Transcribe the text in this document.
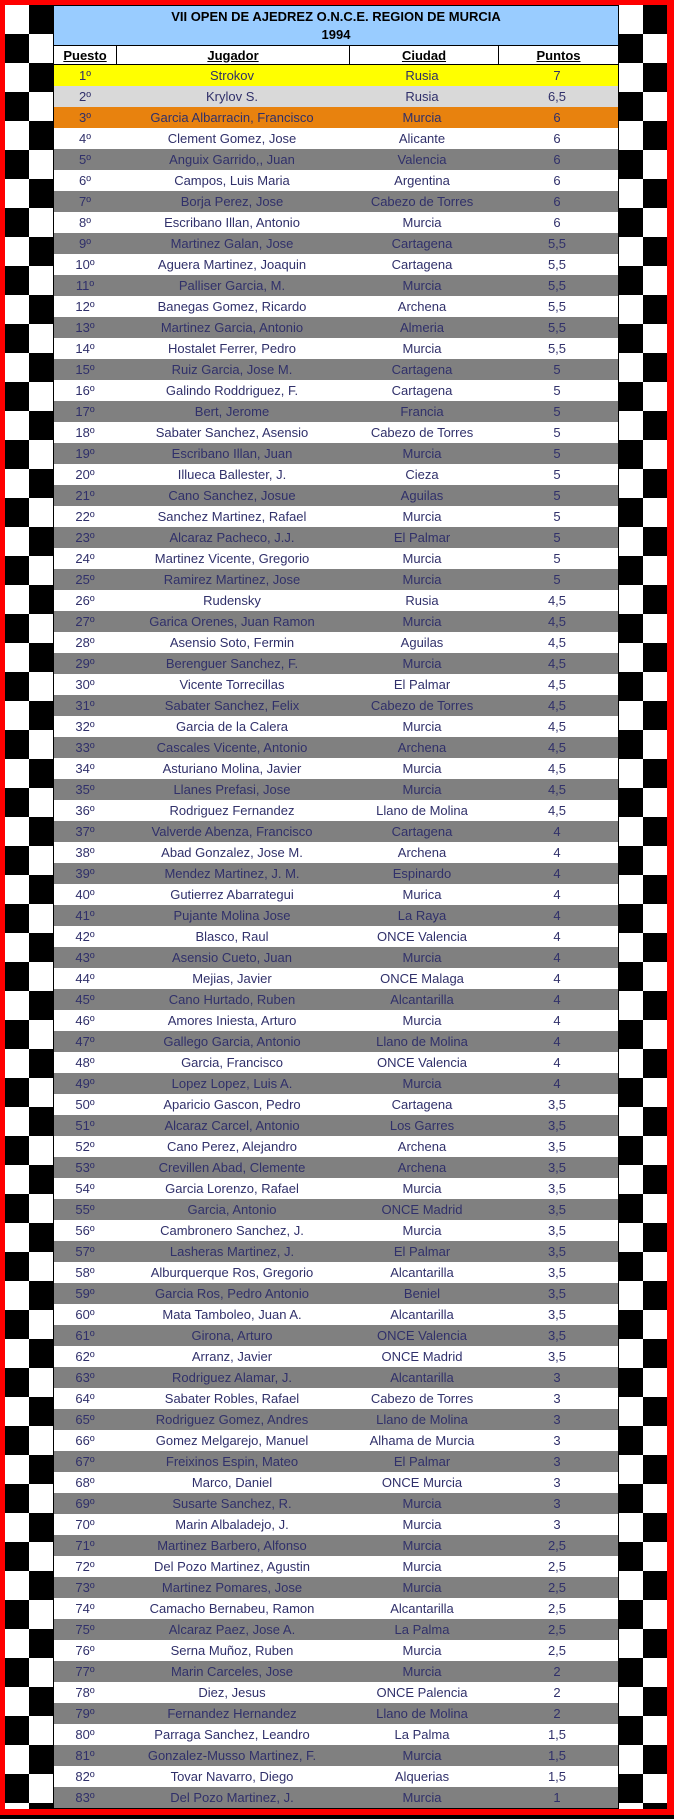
VII OPEN DE AJEDREZ O.N.C.E. REGION DE MURCIA
1994
Puesto	Jugador	Ciudad	Puntos
1º	Strokov	Rusia	7
2º	Krylov S.	Rusia	6,5
3º	Garcia Albarracin, Francisco	Murcia	6
4º	Clement Gomez, Jose	Alicante	6
5º	Anguix Garrido,, Juan	Valencia	6
6º	Campos, Luis Maria	Argentina	6
7º	Borja Perez, Jose	Cabezo de Torres	6
8º	Escribano Illan, Antonio	Murcia	6
9º	Martinez Galan, Jose	Cartagena	5,5
10º	Aguera Martinez, Joaquin	Cartagena	5,5
11º	Palliser Garcia, M.	Murcia	5,5
12º	Banegas Gomez, Ricardo	Archena	5,5
13º	Martinez Garcia, Antonio	Almeria	5,5
14º	Hostalet Ferrer, Pedro	Murcia	5,5
15º	Ruiz Garcia, Jose M.	Cartagena	5
16º	Galindo Roddriguez, F.	Cartagena	5
17º	Bert, Jerome	Francia	5
18º	Sabater Sanchez, Asensio	Cabezo de Torres	5
19º	Escribano Illan, Juan	Murcia	5
20º	Illueca Ballester, J.	Cieza	5
21º	Cano Sanchez, Josue	Aguilas	5
22º	Sanchez Martinez, Rafael	Murcia	5
23º	Alcaraz Pacheco, J.J.	El Palmar	5
24º	Martinez Vicente, Gregorio	Murcia	5
25º	Ramirez Martinez, Jose	Murcia	5
26º	Rudensky	Rusia	4,5
27º	Garica Orenes, Juan Ramon	Murcia	4,5
28º	Asensio Soto, Fermin	Aguilas	4,5
29º	Berenguer Sanchez, F.	Murcia	4,5
30º	Vicente Torrecillas	El Palmar	4,5
31º	Sabater Sanchez, Felix	Cabezo de Torres	4,5
32º	Garcia de la Calera	Murcia	4,5
33º	Cascales Vicente, Antonio	Archena	4,5
34º	Asturiano Molina, Javier	Murcia	4,5
35º	Llanes Prefasi, Jose	Murcia	4,5
36º	Rodriguez Fernandez	Llano de Molina	4,5
37º	Valverde Abenza, Francisco	Cartagena	4
38º	Abad Gonzalez, Jose M.	Archena	4
39º	Mendez Martinez, J. M.	Espinardo	4
40º	Gutierrez Abarrategui	Murica	4
41º	Pujante Molina Jose	La Raya	4
42º	Blasco, Raul	ONCE Valencia	4
43º	Asensio Cueto, Juan	Murcia	4
44º	Mejias, Javier	ONCE Malaga	4
45º	Cano Hurtado, Ruben	Alcantarilla	4
46º	Amores Iniesta, Arturo	Murcia	4
47º	Gallego Garcia, Antonio	Llano de Molina	4
48º	Garcia, Francisco	ONCE Valencia	4
49º	Lopez Lopez, Luis A.	Murcia	4
50º	Aparicio Gascon, Pedro	Cartagena	3,5
51º	Alcaraz Carcel, Antonio	Los Garres	3,5
52º	Cano Perez, Alejandro	Archena	3,5
53º	Crevillen Abad, Clemente	Archena	3,5
54º	Garcia Lorenzo, Rafael	Murcia	3,5
55º	Garcia, Antonio	ONCE Madrid	3,5
56º	Cambronero Sanchez, J.	Murcia	3,5
57º	Lasheras Martinez, J.	El Palmar	3,5
58º	Alburquerque Ros, Gregorio	Alcantarilla	3,5
59º	Garcia Ros, Pedro Antonio	Beniel	3,5
60º	Mata Tamboleo, Juan A.	Alcantarilla	3,5
61º	Girona, Arturo	ONCE Valencia	3,5
62º	Arranz, Javier	ONCE Madrid	3,5
63º	Rodriguez Alamar, J.	Alcantarilla	3
64º	Sabater Robles, Rafael	Cabezo de Torres	3
65º	Rodriguez Gomez, Andres	Llano de Molina	3
66º	Gomez Melgarejo, Manuel	Alhama de Murcia	3
67º	Freixinos Espin, Mateo	El Palmar	3
68º	Marco, Daniel	ONCE Murcia	3
69º	Susarte Sanchez, R.	Murcia	3
70º	Marin Albaladejo, J.	Murcia	3
71º	Martinez Barbero, Alfonso	Murcia	2,5
72º	Del Pozo Martinez, Agustin	Murcia	2,5
73º	Martinez Pomares, Jose	Murcia	2,5
74º	Camacho Bernabeu, Ramon	Alcantarilla	2,5
75º	Alcaraz Paez, Jose A.	La Palma	2,5
76º	Serna Muñoz, Ruben	Murcia	2,5
77º	Marin Carceles, Jose	Murcia	2
78º	Diez, Jesus	ONCE Palencia	2
79º	Fernandez Hernandez	Llano de Molina	2
80º	Parraga Sanchez, Leandro	La Palma	1,5
81º	Gonzalez-Musso Martinez, F.	Murcia	1,5
82º	Tovar Navarro, Diego	Alquerias	1,5
83º	Del Pozo Martinez, J.	Murcia	1
